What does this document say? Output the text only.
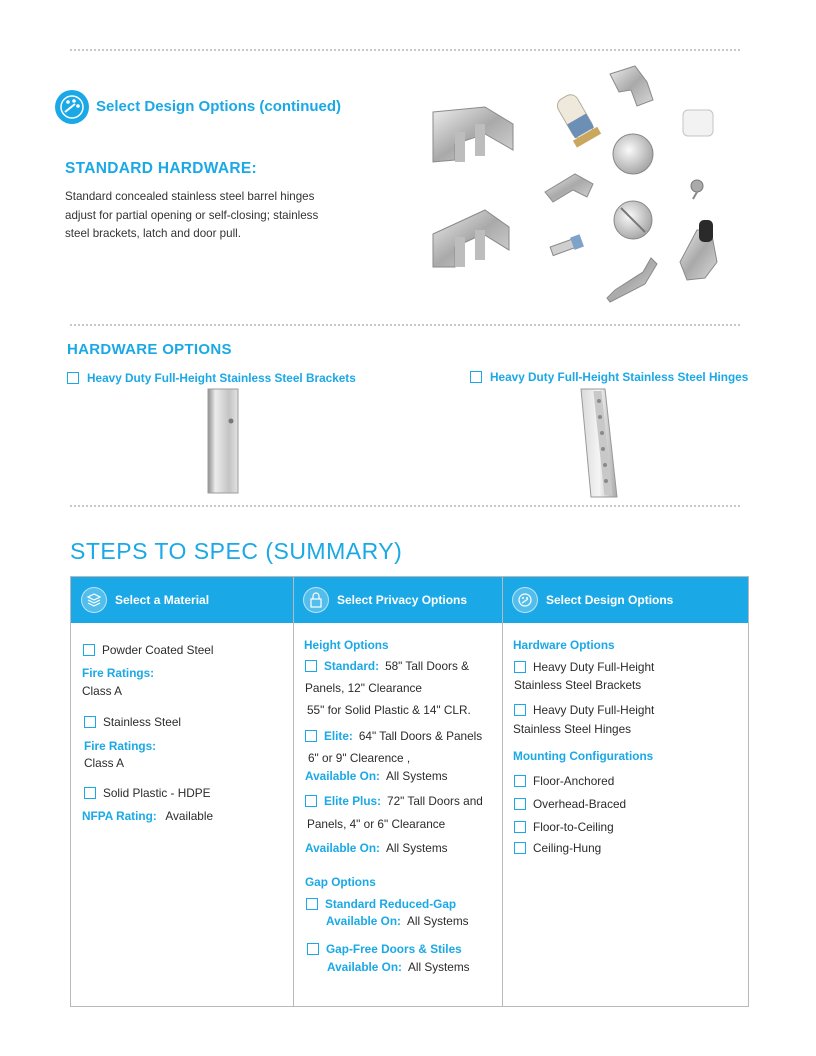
Select Design Options (continued)
STANDARD HARDWARE:
Standard concealed stainless steel barrel hinges
adjust for partial opening or self-closing; stainless
steel brackets, latch and door pull.
HARDWARE OPTIONS
Heavy Duty Full-Height Stainless Steel Brackets	Heavy Duty Full-Height Stainless Steel Hinges
STEPS TO SPEC (SUMMARY)
Select a Material	Select Privacy Options	Select Design Options
Powder Coated Steel
Fire Ratings:
Class A
Stainless Steel
Fire Ratings:
Class A
Solid Plastic - HDPE
NFPA Rating: Available
Height Options
Standard: 58" Tall Doors &
Panels, 12" Clearance
55" for Solid Plastic & 14" CLR.
Elite: 64" Tall Doors & Panels
6" or 9" Clearence ,
Available On: All Systems
Elite Plus: 72" Tall Doors and
Panels, 4" or 6" Clearance
Available On: All Systems
Gap Options
Standard Reduced-Gap
Available On: All Systems
Gap-Free Doors & Stiles
Available On: All Systems
Hardware Options
Heavy Duty Full-Height
Stainless Steel Brackets
Heavy Duty Full-Height
Stainless Steel Hinges
Mounting Configurations
Floor-Anchored
Overhead-Braced
Floor-to-Ceiling
Ceiling-Hung
